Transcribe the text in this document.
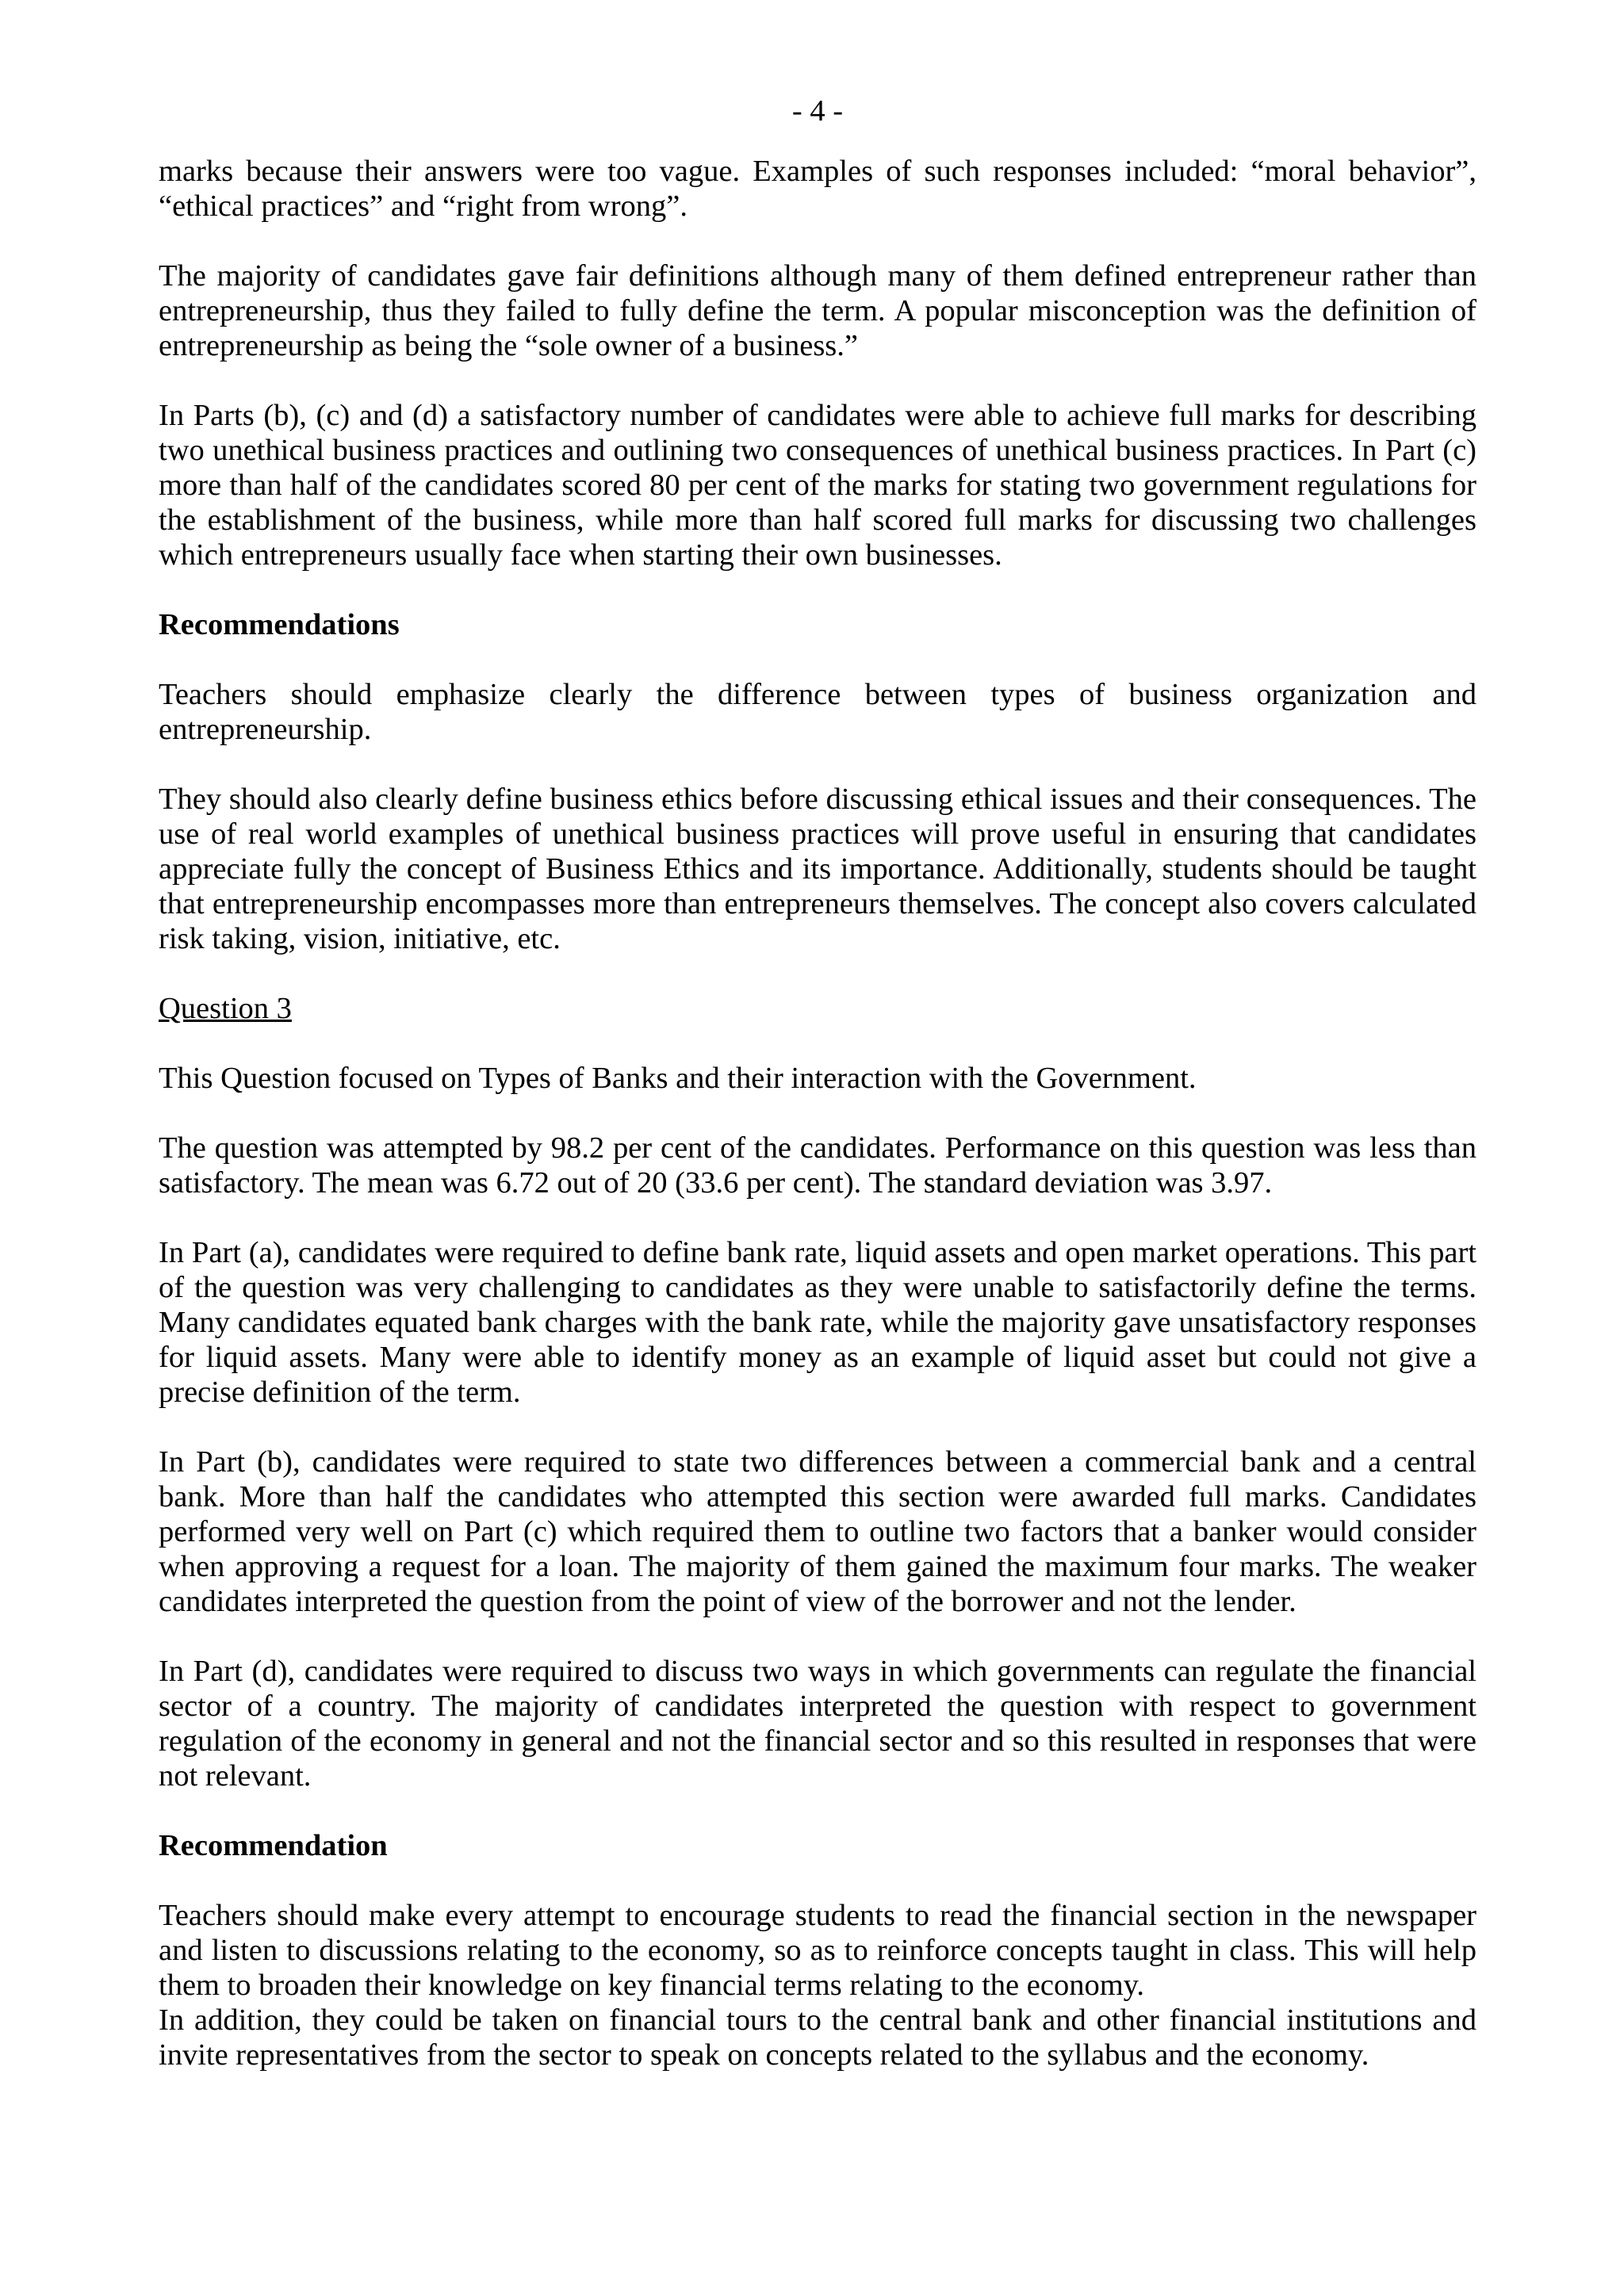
- 4 -

marks because their answers were too vague. Examples of such responses included: “moral behavior”, “ethical practices” and “right from wrong”.

The majority of candidates gave fair definitions although many of them defined entrepreneur rather than entrepreneurship, thus they failed to fully define the term. A popular misconception was the definition of entrepreneurship as being the “sole owner of a business.”

In Parts (b), (c) and (d) a satisfactory number of candidates were able to achieve full marks for describing two unethical business practices and outlining two consequences of unethical business practices. In Part (c) more than half of the candidates scored 80 per cent of the marks for stating two government regulations for the establishment of the business, while more than half scored full marks for discussing two challenges which entrepreneurs usually face when starting their own businesses.

Recommendations

Teachers should emphasize clearly the difference between types of business organization and entrepreneurship.

They should also clearly define business ethics before discussing ethical issues and their consequences. The use of real world examples of unethical business practices will prove useful in ensuring that candidates appreciate fully the concept of Business Ethics and its importance. Additionally, students should be taught that entrepreneurship encompasses more than entrepreneurs themselves. The concept also covers calculated risk taking, vision, initiative, etc.

Question 3

This Question focused on Types of Banks and their interaction with the Government.

The question was attempted by 98.2 per cent of the candidates. Performance on this question was less than satisfactory. The mean was 6.72 out of 20 (33.6 per cent). The standard deviation was 3.97.

In Part (a), candidates were required to define bank rate, liquid assets and open market operations. This part of the question was very challenging to candidates as they were unable to satisfactorily define the terms. Many candidates equated bank charges with the bank rate, while the majority gave unsatisfactory responses for liquid assets. Many were able to identify money as an example of liquid asset but could not give a precise definition of the term.

In Part (b), candidates were required to state two differences between a commercial bank and a central bank. More than half the candidates who attempted this section were awarded full marks. Candidates performed very well on Part (c) which required them to outline two factors that a banker would consider when approving a request for a loan. The majority of them gained the maximum four marks. The weaker candidates interpreted the question from the point of view of the borrower and not the lender.

In Part (d), candidates were required to discuss two ways in which governments can regulate the financial sector of a country. The majority of candidates interpreted the question with respect to government regulation of the economy in general and not the financial sector and so this resulted in responses that were not relevant.

Recommendation

Teachers should make every attempt to encourage students to read the financial section in the newspaper and listen to discussions relating to the economy, so as to reinforce concepts taught in class. This will help them to broaden their knowledge on key financial terms relating to the economy.

In addition, they could be taken on financial tours to the central bank and other financial institutions and invite representatives from the sector to speak on concepts related to the syllabus and the economy.
